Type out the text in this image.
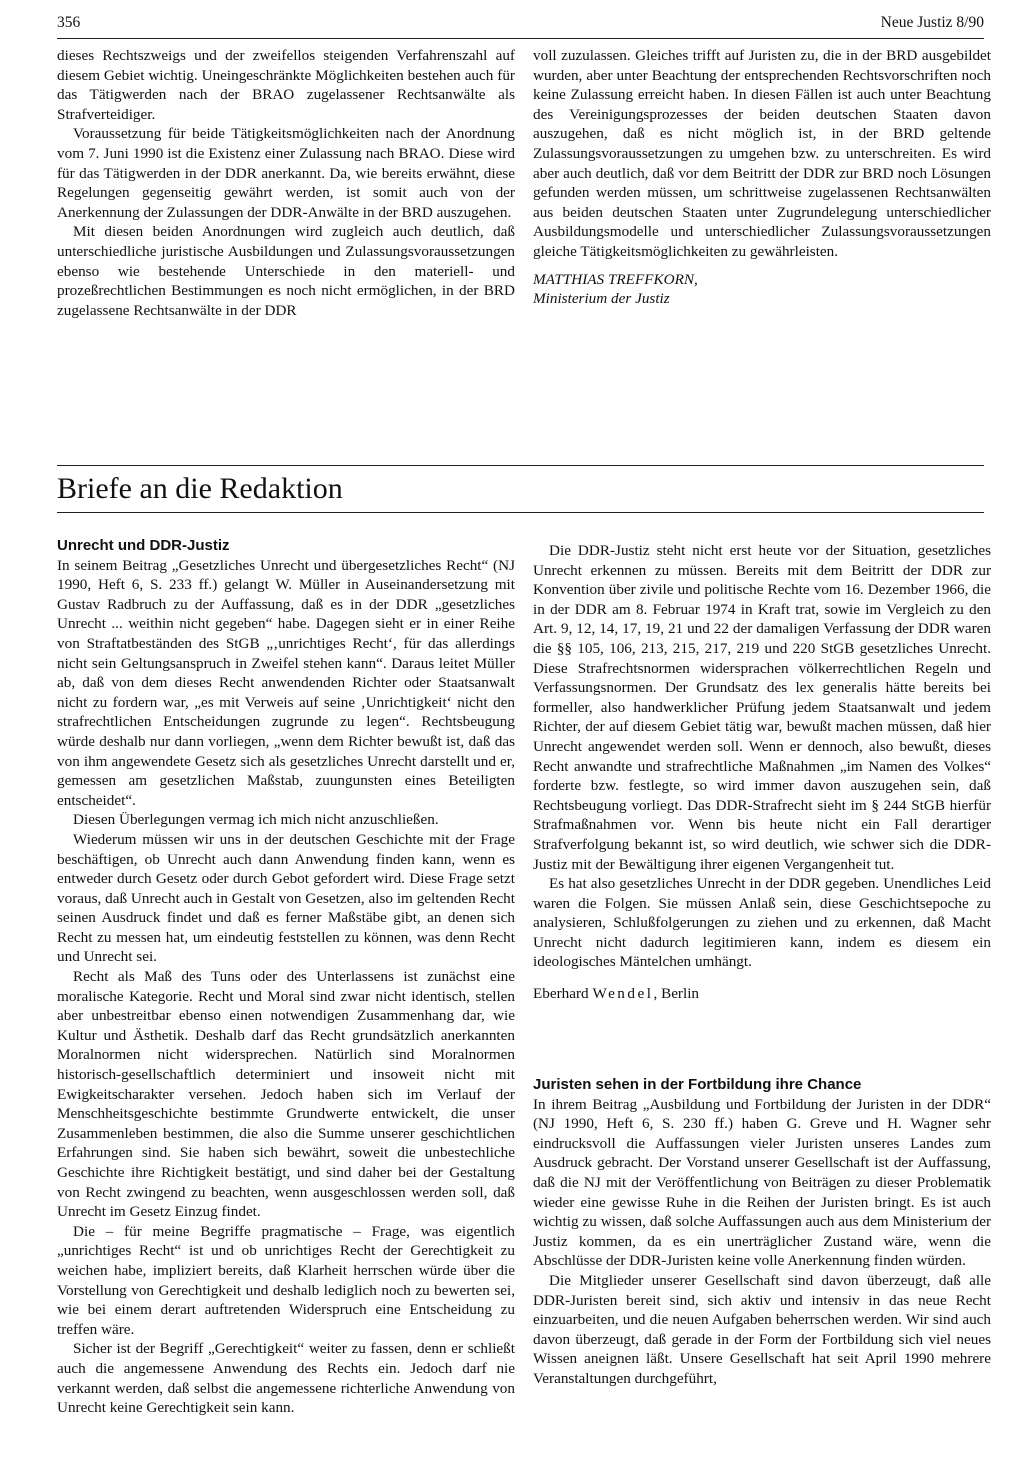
356	Neue Justiz 8/90

dieses Rechtszweigs und der zweifellos steigenden Verfahrenszahl auf diesem Gebiet wichtig. Uneingeschränkte Möglichkeiten bestehen auch für das Tätigwerden nach der BRAO zugelassener Rechtsanwälte als Strafverteidiger.

Voraussetzung für beide Tätigkeitsmöglichkeiten nach der Anordnung vom 7. Juni 1990 ist die Existenz einer Zulassung nach BRAO. Diese wird für das Tätigwerden in der DDR anerkannt. Da, wie bereits erwähnt, diese Regelungen gegenseitig gewährt werden, ist somit auch von der Anerkennung der Zulassungen der DDR-Anwälte in der BRD auszugehen.

Mit diesen beiden Anordnungen wird zugleich auch deutlich, daß unterschiedliche juristische Ausbildungen und Zulassungsvoraussetzungen ebenso wie bestehende Unterschiede in den materiell- und prozeßrechtlichen Bestimmungen es noch nicht ermöglichen, in der BRD zugelassene Rechtsanwälte in der DDR

voll zuzulassen. Gleiches trifft auf Juristen zu, die in der BRD ausgebildet wurden, aber unter Beachtung der entsprechenden Rechtsvorschriften noch keine Zulassung erreicht haben. In diesen Fällen ist auch unter Beachtung des Vereinigungsprozesses der beiden deutschen Staaten davon auszugehen, daß es nicht möglich ist, in der BRD geltende Zulassungsvoraussetzungen zu umgehen bzw. zu unterschreiten. Es wird aber auch deutlich, daß vor dem Beitritt der DDR zur BRD noch Lösungen gefunden werden müssen, um schrittweise zugelassenen Rechtsanwälten aus beiden deutschen Staaten unter Zugrundelegung unterschiedlicher Ausbildungsmodelle und unterschiedlicher Zulassungsvoraussetzungen gleiche Tätigkeitsmöglichkeiten zu gewährleisten.

MATTHIAS TREFFKORN,

Ministerium der Justiz

Briefe an die Redaktion
Unrecht und DDR-Justiz

In seinem Beitrag „Gesetzliches Unrecht und übergesetzliches Recht“ (NJ 1990, Heft 6, S. 233 ff.) gelangt W. Müller in Auseinandersetzung mit Gustav Radbruch zu der Auffassung, daß es in der DDR „gesetzliches Unrecht ... weithin nicht gegeben“ habe. Dagegen sieht er in einer Reihe von Straftatbeständen des StGB „‚unrichtiges Recht‘, für das allerdings nicht sein Geltungsanspruch in Zweifel stehen kann“. Daraus leitet Müller ab, daß von dem dieses Recht anwendenden Richter oder Staatsanwalt nicht zu fordern war, „es mit Verweis auf seine ‚Unrichtigkeit‘ nicht den strafrechtlichen Entscheidungen zugrunde zu legen“. Rechtsbeugung würde deshalb nur dann vorliegen, „wenn dem Richter bewußt ist, daß das von ihm angewendete Gesetz sich als gesetzliches Unrecht darstellt und er, gemessen am gesetzlichen Maßstab, zuungunsten eines Beteiligten entscheidet“.

Diesen Überlegungen vermag ich mich nicht anzuschließen.

Wiederum müssen wir uns in der deutschen Geschichte mit der Frage beschäftigen, ob Unrecht auch dann Anwendung finden kann, wenn es entweder durch Gesetz oder durch Gebot gefordert wird. Diese Frage setzt voraus, daß Unrecht auch in Gestalt von Gesetzen, also im geltenden Recht seinen Ausdruck findet und daß es ferner Maßstäbe gibt, an denen sich Recht zu messen hat, um eindeutig feststellen zu können, was denn Recht und Unrecht sei.

Recht als Maß des Tuns oder des Unterlassens ist zunächst eine moralische Kategorie. Recht und Moral sind zwar nicht identisch, stellen aber unbestreitbar ebenso einen notwendigen Zusammenhang dar, wie Kultur und Ästhetik. Deshalb darf das Recht grundsätzlich anerkannten Moralnormen nicht widersprechen. Natürlich sind Moralnormen historisch-gesellschaftlich determiniert und insoweit nicht mit Ewigkeitscharakter versehen. Jedoch haben sich im Verlauf der Menschheitsgeschichte bestimmte Grundwerte entwickelt, die unser Zusammenleben bestimmen, die also die Summe unserer geschichtlichen Erfahrungen sind. Sie haben sich bewährt, soweit die unbestechliche Geschichte ihre Richtigkeit bestätigt, und sind daher bei der Gestaltung von Recht zwingend zu beachten, wenn ausgeschlossen werden soll, daß Unrecht im Gesetz Einzug findet.

Die – für meine Begriffe pragmatische – Frage, was eigentlich „unrichtiges Recht“ ist und ob unrichtiges Recht der Gerechtigkeit zu weichen habe, impliziert bereits, daß Klarheit herrschen würde über die Vorstellung von Gerechtigkeit und deshalb lediglich noch zu bewerten sei, wie bei einem derart auftretenden Widerspruch eine Entscheidung zu treffen wäre.

Sicher ist der Begriff „Gerechtigkeit“ weiter zu fassen, denn er schließt auch die angemessene Anwendung des Rechts ein. Jedoch darf nie verkannt werden, daß selbst die angemessene richterliche Anwendung von Unrecht keine Gerechtigkeit sein kann.

Die DDR-Justiz steht nicht erst heute vor der Situation, gesetzliches Unrecht erkennen zu müssen. Bereits mit dem Beitritt der DDR zur Konvention über zivile und politische Rechte vom 16. Dezember 1966, die in der DDR am 8. Februar 1974 in Kraft trat, sowie im Vergleich zu den Art. 9, 12, 14, 17, 19, 21 und 22 der damaligen Verfassung der DDR waren die §§ 105, 106, 213, 215, 217, 219 und 220 StGB gesetzliches Unrecht. Diese Strafrechtsnormen widersprachen völkerrechtlichen Regeln und Verfassungsnormen. Der Grundsatz des lex generalis hätte bereits bei formeller, also handwerklicher Prüfung jedem Staatsanwalt und jedem Richter, der auf diesem Gebiet tätig war, bewußt machen müssen, daß hier Unrecht angewendet werden soll. Wenn er dennoch, also bewußt, dieses Recht anwandte und strafrechtliche Maßnahmen „im Namen des Volkes“ forderte bzw. festlegte, so wird immer davon auszugehen sein, daß Rechtsbeugung vorliegt. Das DDR-Strafrecht sieht im § 244 StGB hierfür Strafmaßnahmen vor. Wenn bis heute nicht ein Fall derartiger Strafverfolgung bekannt ist, so wird deutlich, wie schwer sich die DDR-Justiz mit der Bewältigung ihrer eigenen Vergangenheit tut.

Es hat also gesetzliches Unrecht in der DDR gegeben. Unendliches Leid waren die Folgen. Sie müssen Anlaß sein, diese Geschichtsepoche zu analysieren, Schlußfolgerungen zu ziehen und zu erkennen, daß Macht Unrecht nicht dadurch legitimieren kann, indem es diesem ein ideologisches Mäntelchen umhängt.

Eberhard Wendel, Berlin

Juristen sehen in der Fortbildung ihre Chance

In ihrem Beitrag „Ausbildung und Fortbildung der Juristen in der DDR“ (NJ 1990, Heft 6, S. 230 ff.) haben G. Greve und H. Wagner sehr eindrucksvoll die Auffassungen vieler Juristen unseres Landes zum Ausdruck gebracht. Der Vorstand unserer Gesellschaft ist der Auffassung, daß die NJ mit der Veröffentlichung von Beiträgen zu dieser Problematik wieder eine gewisse Ruhe in die Reihen der Juristen bringt. Es ist auch wichtig zu wissen, daß solche Auffassungen auch aus dem Ministerium der Justiz kommen, da es ein unerträglicher Zustand wäre, wenn die Abschlüsse der DDR-Juristen keine volle Anerkennung finden würden.

Die Mitglieder unserer Gesellschaft sind davon überzeugt, daß alle DDR-Juristen bereit sind, sich aktiv und intensiv in das neue Recht einzuarbeiten, und die neuen Aufgaben beherrschen werden. Wir sind auch davon überzeugt, daß gerade in der Form der Fortbildung sich viel neues Wissen aneignen läßt. Unsere Gesellschaft hat seit April 1990 mehrere Veranstaltungen durchgeführt,
